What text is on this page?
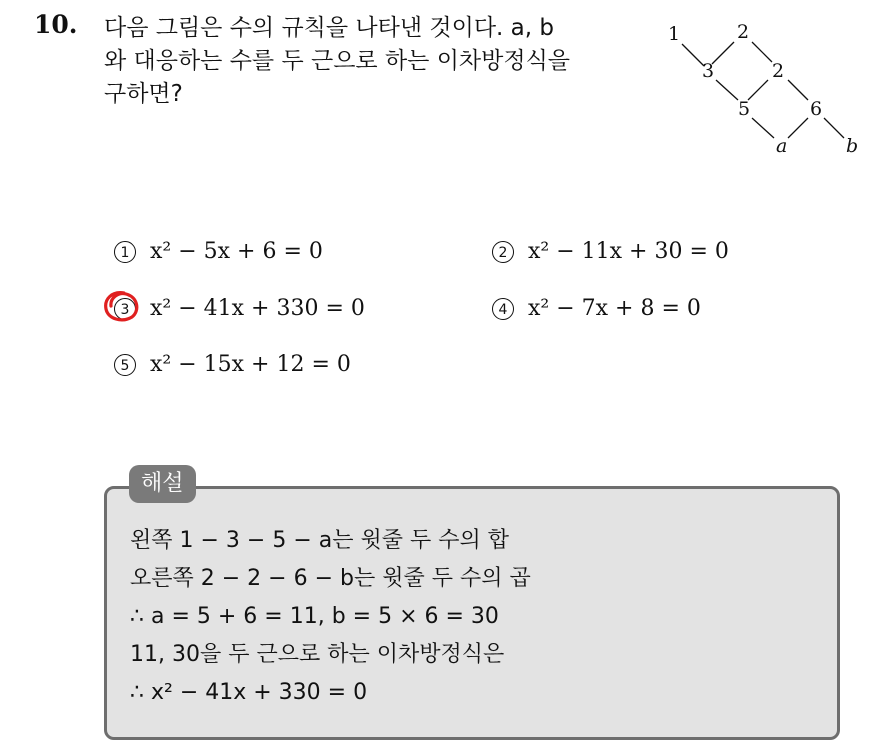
10. 다음 그림은 수의 규칙을 나타낸 것이다. a, b
와 대응하는 수를 두 근으로 하는 이차방정식을
구하면?
1	2
3	2
5	6
a	b
1 x² − 5x + 6 = 0	2 x² − 11x + 30 = 0
3 x² − 41x + 330 = 0	4 x² − 7x + 8 = 0
5 x² − 15x + 12 = 0
해설
왼쪽 1 − 3 − 5 − a는 윗줄 두 수의 합
오른쪽 2 − 2 − 6 − b는 윗줄 두 수의 곱
∴ a = 5 + 6 = 11, b = 5 × 6 = 30
11, 30을 두 근으로 하는 이차방정식은
∴ x² − 41x + 330 = 0
